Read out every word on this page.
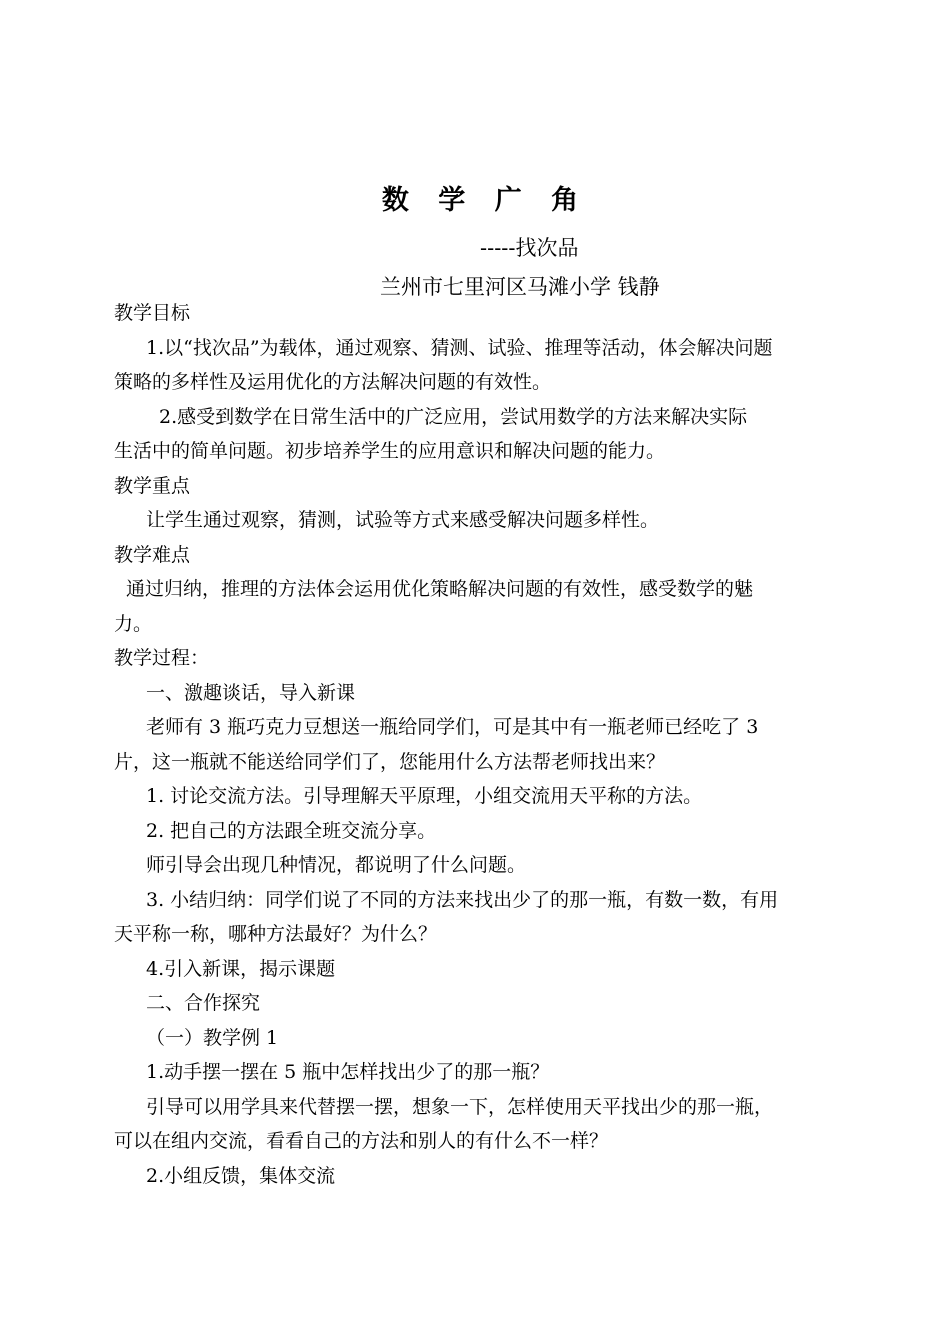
数 学 广 角
-----找次品
兰州市七里河区马滩小学 钱静

教学目标

1.以“找次品”为载体，通过观察、猜测、试验、推理等活动，体会解决问题

策略的多样性及运用优化的方法解决问题的有效性。

2.感受到数学在日常生活中的广泛应用，尝试用数学的方法来解决实际

生活中的简单问题。初步培养学生的应用意识和解决问题的能力。

教学重点

让学生通过观察，猜测，试验等方式来感受解决问题多样性。

教学难点

通过归纳，推理的方法体会运用优化策略解决问题的有效性，感受数学的魅

力。

教学过程：

一、激趣谈话，导入新课

老师有 3 瓶巧克力豆想送一瓶给同学们，可是其中有一瓶老师已经吃了 3

片，这一瓶就不能送给同学们了，您能用什么方法帮老师找出来？

1. 讨论交流方法。引导理解天平原理，小组交流用天平称的方法。

2. 把自己的方法跟全班交流分享。

师引导会出现几种情况，都说明了什么问题。

3. 小结归纳：同学们说了不同的方法来找出少了的那一瓶，有数一数，有用

天平称一称，哪种方法最好？为什么？

4.引入新课，揭示课题

二、合作探究

（一）教学例 1

1.动手摆一摆在 5 瓶中怎样找出少了的那一瓶？

引导可以用学具来代替摆一摆，想象一下，怎样使用天平找出少的那一瓶，

可以在组内交流，看看自己的方法和别人的有什么不一样？

2.小组反馈，集体交流
